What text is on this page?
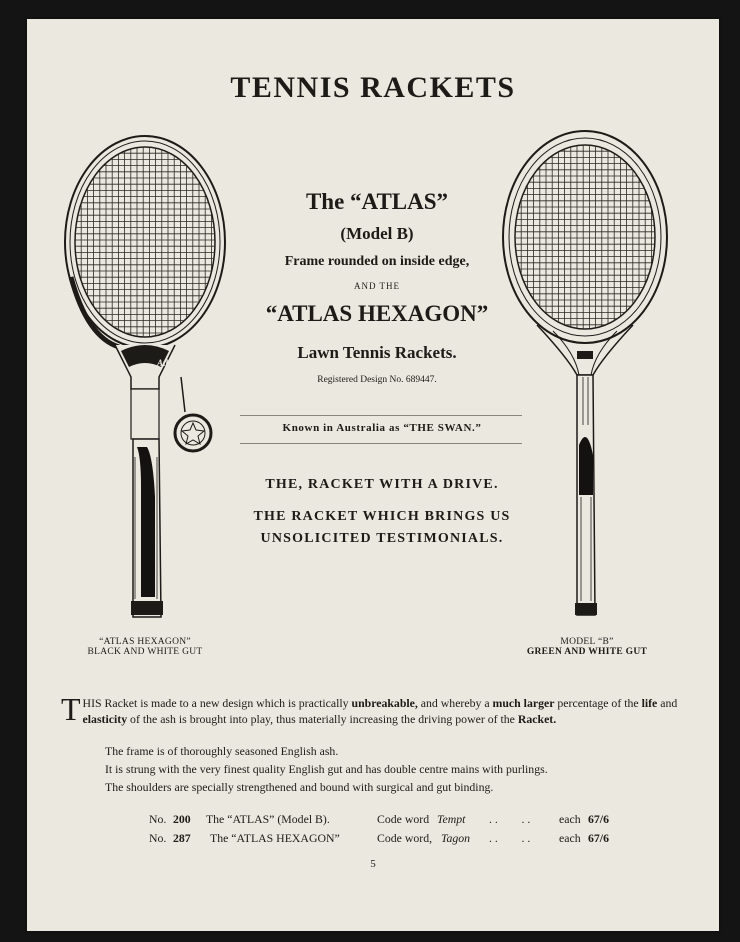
TENNIS RACKETS
Atlas
The “ATLAS”
(Model B)
Frame rounded on inside edge,
AND THE
“ATLAS HEXAGON”
Lawn Tennis Rackets.
Registered Design No. 689447.
Known in Australia as “THE SWAN.”
THE, RACKET WITH A DRIVE.
THE RACKET WHICH BRINGS US
UNSOLICITED TESTIMONIALS.
“ATLAS HEXAGON”
BLACK AND WHITE GUT
MODEL “B”
GREEN AND WHITE GUT
THIS Racket is made to a new design which is practically unbreakable, and whereby a much larger percentage of the life and elasticity of the ash is brought into play, thus materially increasing the driving power of the Racket.
The frame is of thoroughly seasoned English ash.
It is strung with the very finest quality English gut and has double centre mains with purlings.
The shoulders are specially strengthened and bound with surgical and gut binding.
No. 200 The “ATLAS” (Model B).	Code word Tempt . .  . . each 67/6
No. 287 The “ATLAS HEXAGON”	Code word, Tagon . .  . . each 67/6
5
